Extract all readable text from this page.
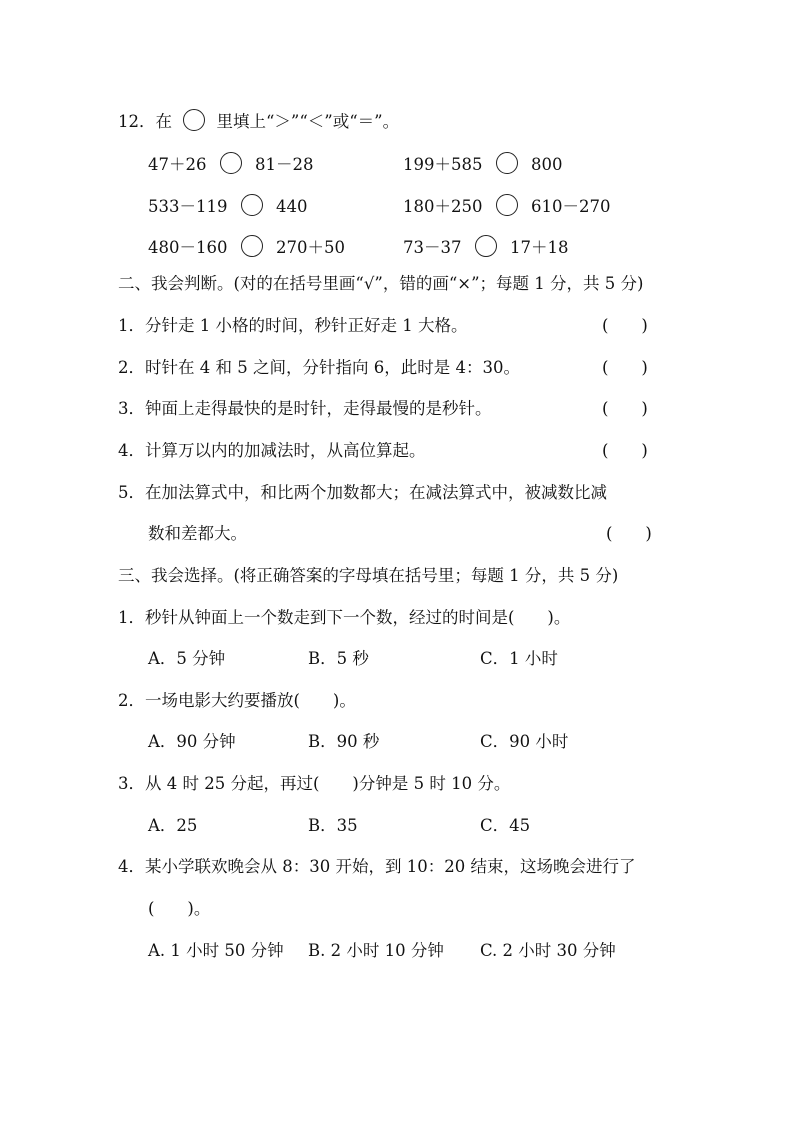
12．在	里填上“＞”“＜”或“＝”。
47＋26	81－28	199＋585	800
533－119	440	180＋250	610－270
480－160	270＋50	73－37	17＋18
二、我会判断。(对的在括号里画“√”，错的画“×”；每题 1 分，共 5 分)
1．分针走 1 小格的时间，秒针正好走 1 大格。	(　　)
2．时针在 4 和 5 之间，分针指向 6，此时是 4：30。	(　　)
3．钟面上走得最快的是时针，走得最慢的是秒针。	(　　)
4．计算万以内的加减法时，从高位算起。	(　　)
5．在加法算式中，和比两个加数都大；在减法算式中，被减数比减
数和差都大。	(　　)
三、我会选择。(将正确答案的字母填在括号里；每题 1 分，共 5 分)
1．秒针从钟面上一个数走到下一个数，经过的时间是(　　)。
A．5 分钟	B．5 秒	C．1 小时
2．一场电影大约要播放(　　)。
A．90 分钟	B．90 秒	C．90 小时
3．从 4 时 25 分起，再过(　　)分钟是 5 时 10 分。
A．25	B．35	C．45
4．某小学联欢晚会从 8：30 开始，到 10：20 结束，这场晚会进行了
(　　)。
A. 1 小时 50 分钟 B. 2 小时 10 分钟 C. 2 小时 30 分钟
